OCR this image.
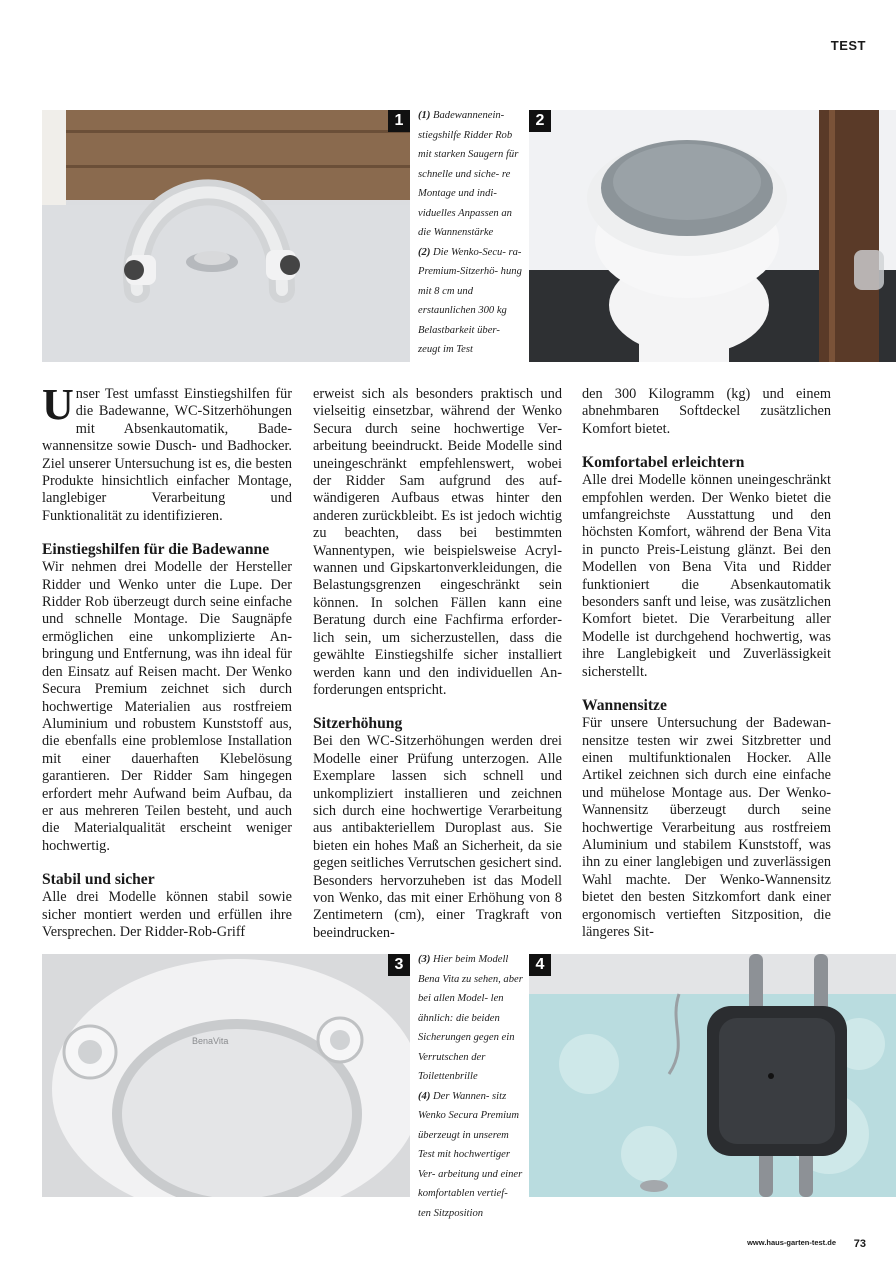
TEST
1	(1) Badewannenein- stiegshilfe Ridder Rob mit starken Saugern für schnelle und siche- re Montage und indi- viduelles Anpassen an die Wannenstärke
(2) Die Wenko-Secu- ra-Premium-Sitzerhö- hung mit 8 cm und erstaunlichen 300 kg Belastbarkeit über- zeugt im Test
2

Unser Test umfasst Einstiegshilfen für die Badewanne, WC-Sitzerhöhungen mit Absenkautomatik, Badewannensitze sowie Dusch- und Badhocker. Ziel unserer Untersuchung ist es, die besten Produkte hinsichtlich einfacher Montage, langlebiger Verarbeitung und Funktionalität zu identifizieren.

Einstiegshilfen für die Badewanne

Wir nehmen drei Modelle der Hersteller Ridder und Wenko unter die Lupe. Der Ridder Rob überzeugt durch seine einfache und schnelle Montage. Die Saugnäpfe ermöglichen eine unkomplizierte Anbringung und Entfernung, was ihn ideal für den Einsatz auf Reisen macht. Der Wenko Secura Premium zeichnet sich durch hochwertige Materialien aus rostfreiem Aluminium und robustem Kunststoff aus, die ebenfalls eine problemlose Installation mit einer dauerhaften Klebelösung garantieren. Der Ridder Sam hingegen erfordert mehr Aufwand beim Aufbau, da er aus mehreren Teilen besteht, und auch die Materialqualität erscheint weniger hochwertig.

Stabil und sicher

Alle drei Modelle können stabil sowie sicher montiert werden und erfüllen ihre Versprechen. Der Ridder-Rob-Griff

erweist sich als besonders praktisch und vielseitig einsetzbar, während der Wenko Secura durch seine hochwertige Verarbeitung beeindruckt. Beide Modelle sind uneingeschränkt empfehlenswert, wobei der Ridder Sam aufgrund des aufwändigeren Aufbaus etwas hinter den anderen zurückbleibt. Es ist jedoch wichtig zu beachten, dass bei bestimmten Wannentypen, wie beispielsweise Acrylwannen und Gipskartonverkleidungen, die Belastungsgrenzen eingeschränkt sein können. In solchen Fällen kann eine Beratung durch eine Fachfirma erforderlich sein, um sicherzustellen, dass die gewählte Einstiegshilfe sicher installiert werden kann und den individuellen Anforderungen entspricht.

Sitzerhöhung

Bei den WC-Sitzerhöhungen werden drei Modelle einer Prüfung unterzogen. Alle Exemplare lassen sich schnell und unkompliziert installieren und zeichnen sich durch eine hochwertige Verarbeitung aus antibakteriellem Duroplast aus. Sie bieten ein hohes Maß an Sicherheit, da sie gegen seitliches Verrutschen gesichert sind. Besonders hervorzuheben ist das Modell von Wenko, das mit einer Erhöhung von 8 Zentimetern (cm), einer Tragkraft von beeindrucken-

den 300 Kilogramm (kg) und einem abnehmbaren Softdeckel zusätzlichen Komfort bietet.

Komfortabel erleichtern

Alle drei Modelle können uneingeschränkt empfohlen werden. Der Wenko bietet die umfangreichste Ausstattung und den höchsten Komfort, während der Bena Vita in puncto Preis-Leistung glänzt. Bei den Modellen von Bena Vita und Ridder funktioniert die Absenkautomatik besonders sanft und leise, was zusätzlichen Komfort bietet. Die Verarbeitung aller Modelle ist durchgehend hochwertig, was ihre Langlebigkeit und Zuverlässigkeit sicherstellt.

Wannensitze

Für unsere Untersuchung der Badewannensitze testen wir zwei Sitzbretter und einen multifunktionalen Hocker. Alle Artikel zeichnen sich durch eine einfache und mühelose Montage aus. Der Wenko-Wannensitz überzeugt durch seine hochwertige Verarbeitung aus rostfreiem Aluminium und stabilem Kunststoff, was ihn zu einer langlebigen und zuverlässigen Wahl machte. Der Wenko-Wannensitz bietet den besten Sitzkomfort dank einer ergonomisch vertieften Sitzposition, die längeres Sit-

BenaVita
3	(3) Hier beim Modell Bena Vita zu sehen, aber bei allen Model- len ähnlich: die beiden Sicherungen gegen ein Verrutschen der Toilettenbrille
(4) Der Wannen- sitz Wenko Secura Premium überzeugt in unserem Test mit hochwertiger Ver- arbeitung und einer komfortablen vertief- ten Sitzposition
4
www.haus-garten-test.de 73
